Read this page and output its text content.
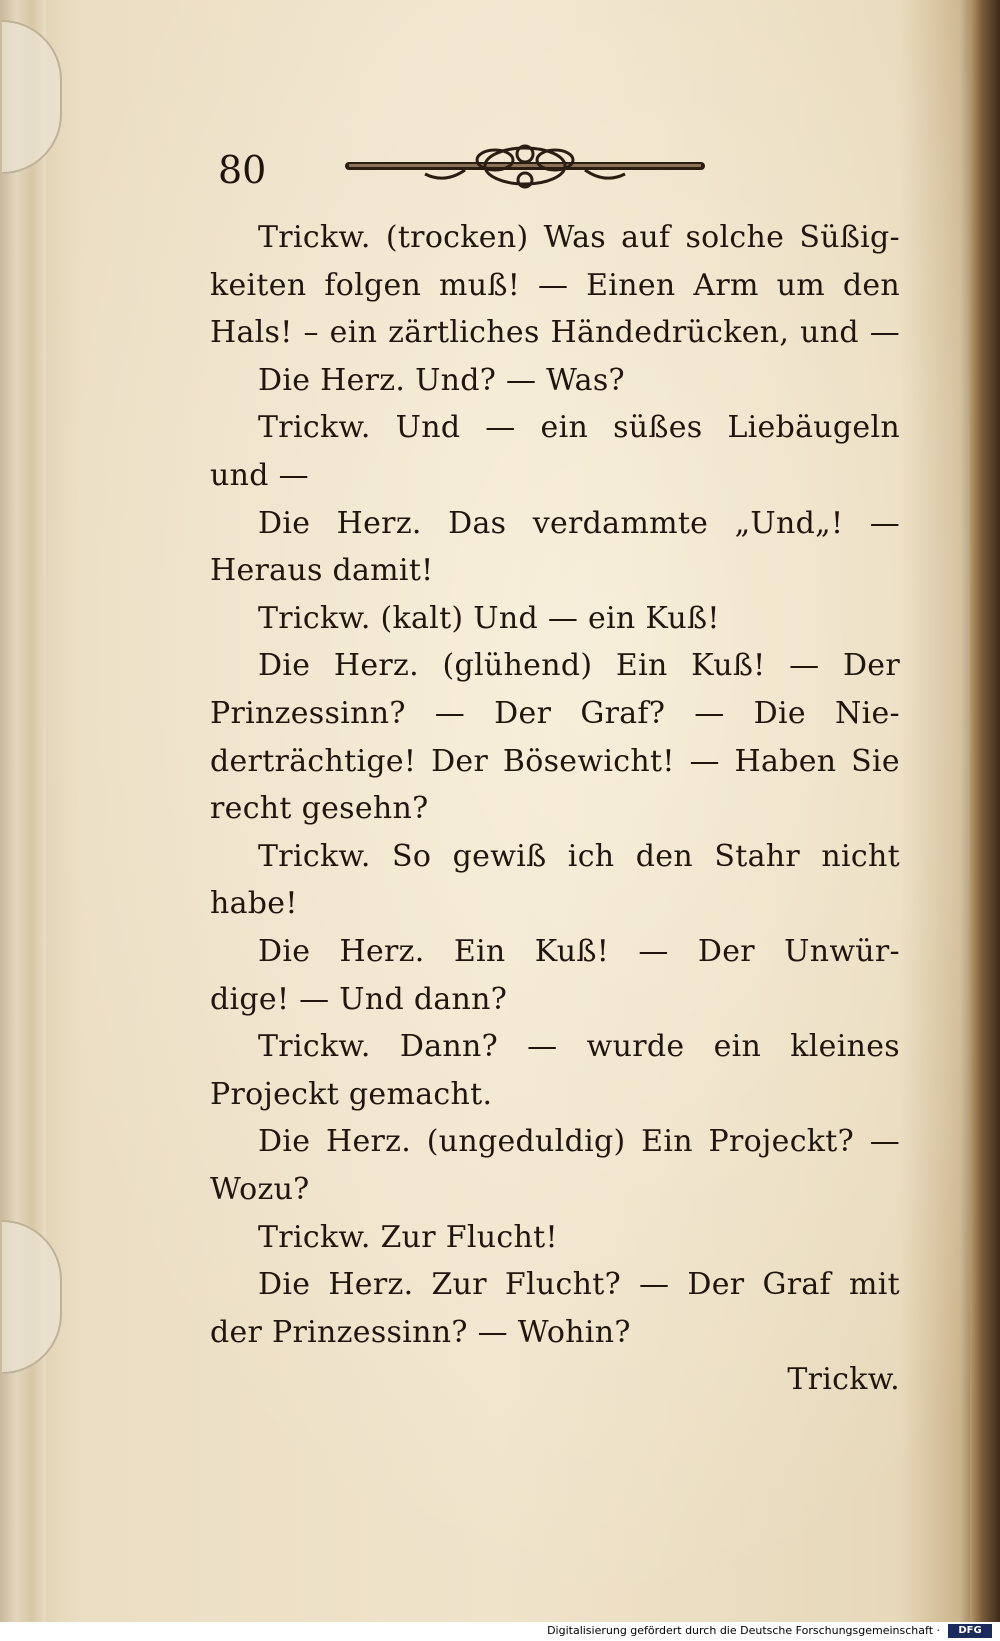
80
Trickw. (trocken) Was auf solche Süßig-
keiten folgen muß! — Einen Arm um den
Hals! – ein zärtliches Händedrücken, und —
Die Herz. Und? — Was?
Trickw. Und — ein süßes Liebäugeln
und —
Die Herz. Das verdammte „Und„! —
Heraus damit!
Trickw. (kalt) Und — ein Kuß!
Die Herz. (glühend) Ein Kuß! — Der
Prinzessinn? — Der Graf? — Die Nie-
derträchtige! Der Bösewicht! — Haben Sie
recht gesehn?
Trickw. So gewiß ich den Stahr nicht
habe!
Die Herz. Ein Kuß! — Der Unwür-
dige! — Und dann?
Trickw. Dann? — wurde ein kleines
Projeckt gemacht.
Die Herz. (ungeduldig) Ein Projeckt? —
Wozu?
Trickw. Zur Flucht!
Die Herz. Zur Flucht? — Der Graf mit
der Prinzessinn? — Wohin?
Trickw.
Digitalisierung gefördert durch die Deutsche Forschungsgemeinschaft ·	DFG
